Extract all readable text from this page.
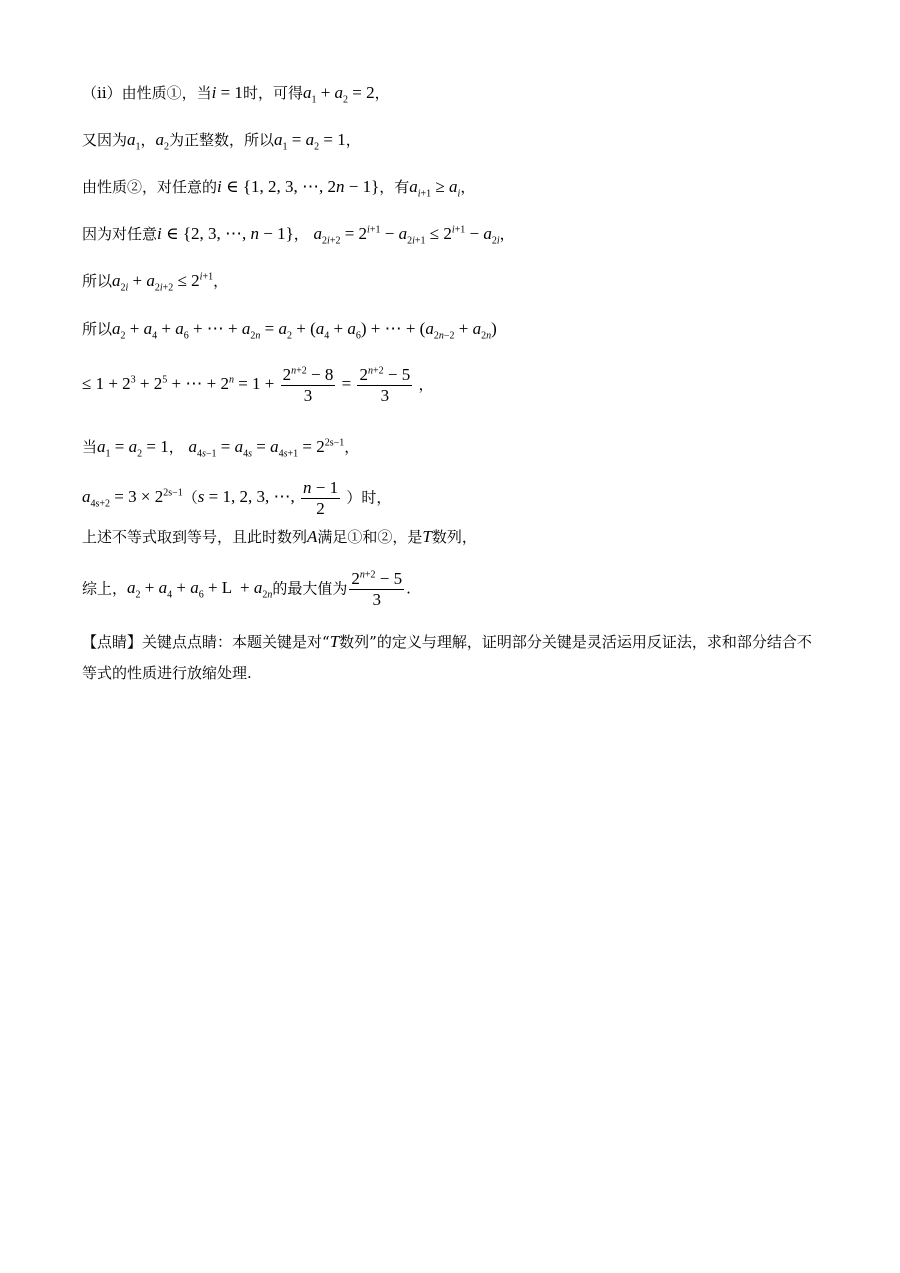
（ⅱ）由性质①，当i = 1时，可得$a_1 + a_2 = 2$，
又因为$a_1$，$a_2$为正整数，所以$a_1 = a_2 = 1$，
由性质②，对任意的i ∈ {1, 2, 3, ⋯, 2n − 1}，有$a_{i+1} \ge a_i$，
因为对任意i ∈ {2, 3, ⋯, n − 1}， $a_{2i+2} = 2^{i+1} - a_{2i+1} \le 2^{i+1} - a_{2i}$，
所以$a_{2i} + a_{2i+2} \le 2^{i+1}$，
所以$a_2 + a_4 + a_6$ + ⋯ + $a_{2n} = a_2 + (a_4 + a_6)$ + ⋯ + $(a_{2n-2} + a_{2n})$
≤ $1 + 2^3 + 2^5$ + ⋯ + $2^n = 1 + \frac{2^{n+2} - 8}{3} = \frac{2^{n+2} - 5}{3}$ ，
当$a_1 = a_2 = 1$， $a_{4s-1} = a_{4s} = a_{4s+1} = 2^{2s-1}$，
$a_{4s+2} = 3 \times 2^{2s-1}(s = 1$, 2, 3, ⋯, $\frac{n - 1}{2}$ ）时，
上述不等式取到等号，且此时数列A满足①和②，是T数列，
综上，$a_2 + a_4 + a_6 + L + a_{2n}$的最大值为 $\frac{2^{n+2} - 5}{3}$ .
【点睛】关键点点睛：本题关键是对“T数列”的定义与理解，证明部分关键是灵活运用反证法，求和部分结合不等式的性质进行放缩处理.
